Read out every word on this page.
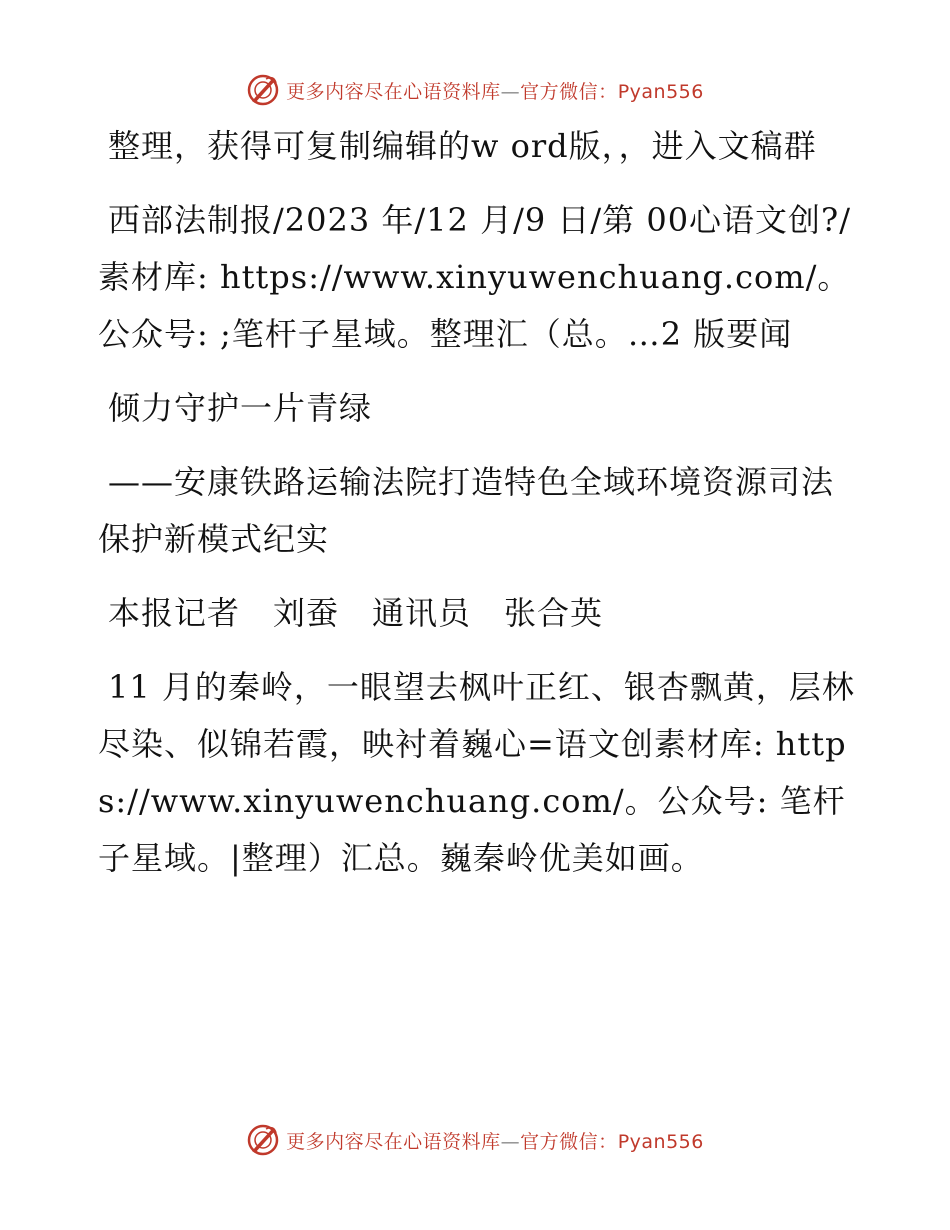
更多内容尽在心语资料库—官方微信：Pyan556

整理，获得可复制编辑的w ord版，，进入文稿群

西部法制报/2023 年/12 月/9 日/第 00心语文创?/素材库: https://www.xinyuwenchuang.com/。公众号: ;笔杆子星域。整理汇（总。…2 版要闻

倾力守护一片青绿

——安康铁路运输法院打造特色全域环境资源司法保护新模式纪实

本报记者　刘蚕　通讯员　张合英

11 月的秦岭，一眼望去枫叶正红、银杏飘黄，层林尽染、似锦若霞，映衬着巍心=语文创素材库: https://www.xinyuwenchuang.com/。公众号: 笔杆子星域。|整理）汇总。巍秦岭优美如画。

更多内容尽在心语资料库—官方微信：Pyan556
